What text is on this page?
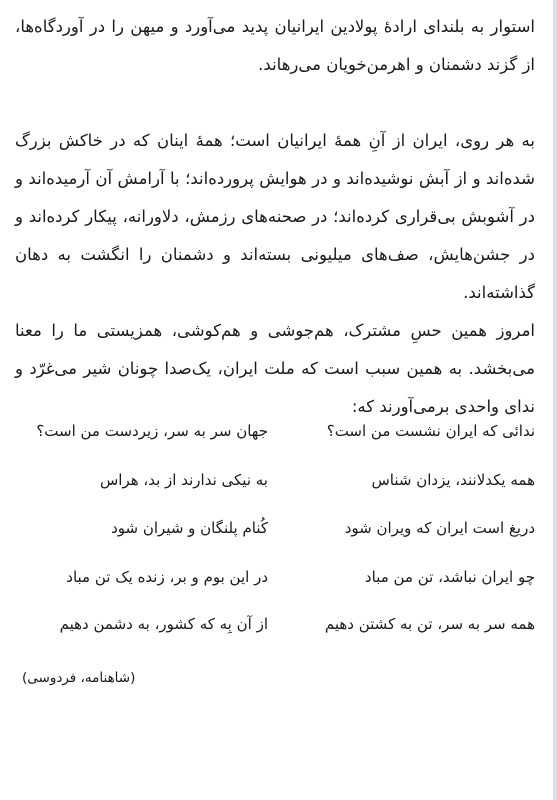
استوار به بلندای ارادهٔ پولادین ایرانیان پدید می‌آورد و میهن را در آوردگاه‌ها، از گزند دشمنان و اهرمن‌خویان می‌رهاند.

به هر روی، ایران از آنِ همهٔ ایرانیان است؛ همهٔ اینان که در خاکش بزرگ شده‌اند و از آبش نوشیده‌اند و در هوایش پرورده‌اند؛ با آرامش آن آرمیده‌اند و در آشوبش بی‌قراری کرده‌اند؛ در صحنه‌های رزمش، دلاورانه، پیکار کرده‌اند و در جشن‌هایش، صف‌های میلیونی بسته‌اند و دشمنان را انگشت به دهان گذاشته‌اند.

امروز همین حسِ مشترک، هم‌جوشی و هم‌کوشی، همزیستی ما را معنا می‌بخشد. به همین سبب است که ملت ایران، یک‌صدا چونان شیر می‌غرّد و ندای واحدی برمی‌آورند که:

ندائی که ایران نشست من است؟
جهان سر به سر، زیردست من است؟
همه یکدلانند، یزدان شناس
به نیکی ندارند از بد، هراس
دریغ است ایران که ویران شود
کُنام پلنگان و شیران شود
چو ایران نباشد، تن من مباد
در این بوم و بر، زنده یک تن مباد
همه سر به سر، تن به کشتن دهیم
از آن بِه که کشور، به دشمن دهیم
(شاهنامه، فردوسی)
